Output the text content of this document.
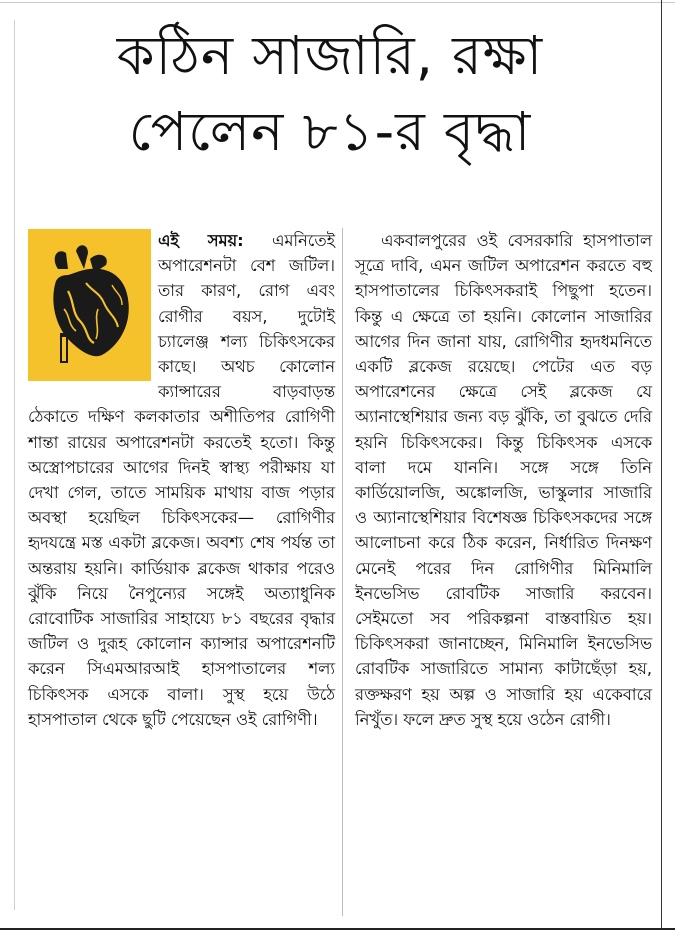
কঠিন সাজারি, রক্ষা
পেলেন ৮১-র বৃদ্ধা

এই সময়: এমনিতেই অপারেশনটা বেশ জটিল। তার কারণ, রোগ এবং রোগীর বয়স, দুটোই চ্যালেঞ্জ শল্য চিকিৎসকের কাছে। অথচ কোলোন ক্যান্সারের বাড়বাড়ন্ত ঠেকাতে দক্ষিণ কলকাতার অশীতিপর রোগিণী শান্তা রায়ের অপারেশনটা করতেই হতো। কিন্তু অস্ত্রোপচারের আগের দিনই স্বাস্থ্য পরীক্ষায় যা দেখা গেল, তাতে সাময়িক মাথায় বাজ পড়ার অবস্থা হয়েছিল চিকিৎসকের— রোগিণীর হৃদযন্ত্রে মস্ত একটা ব্লকেজ। অবশ্য শেষ পর্যন্ত তা অন্তরায় হয়নি। কার্ডিয়াক ব্লকেজ থাকার পরেও ঝুঁকি নিয়ে নৈপুন্যের সঙ্গেই অত্যাধুনিক রোবোটিক সাজারির সাহায্যে ৮১ বছরের বৃদ্ধার জটিল ও দুরূহ কোলোন ক্যান্সার অপারেশনটি করেন সিএমআরআই হাসপাতালের শল্য চিকিৎসক এসকে বালা। সুস্থ হয়ে উঠে হাসপাতাল থেকে ছুটি পেয়েছেন ওই রোগিণী।

একবালপুরের ওই বেসরকারি হাসপাতাল সূত্রে দাবি, এমন জটিল অপারেশন করতে বহু হাসপাতালের চিকিৎসকরাই পিছুপা হতেন। কিন্তু এ ক্ষেত্রে তা হয়নি। কোলোন সাজারির আগের দিন জানা যায়, রোগিণীর হৃদধমনিতে একটি ব্লকেজ রয়েছে। পেটের এত বড় অপারেশনের ক্ষেত্রে সেই ব্লকেজ যে অ্যানাস্থেশিয়ার জন্য বড় ঝুঁকি, তা বুঝতে দেরি হয়নি চিকিৎসকের। কিন্তু চিকিৎসক এসকে বালা দমে যাননি। সঙ্গে সঙ্গে তিনি কার্ডিয়োলজি, অঙ্কোলজি, ভাস্কুলার সাজারি ও অ্যানাস্থেশিয়ার বিশেষজ্ঞ চিকিৎসকদের সঙ্গে আলোচনা করে ঠিক করেন, নির্ধারিত দিনক্ষণ মেনেই পরের দিন রোগিণীর মিনিমালি ইনভেসিভ রোবটিক সাজারি করবেন। সেইমতো সব পরিকল্পনা বাস্তবায়িত হয়। চিকিৎসকরা জানাচ্ছেন, মিনিমালি ইনভেসিভ রোবটিক সাজারিতে সামান্য কাটাছেঁড়া হয়, রক্তক্ষরণ হয় অল্প ও সাজারি হয় একেবারে নিখুঁত। ফলে দ্রুত সুস্থ হয়ে ওঠেন রোগী।
